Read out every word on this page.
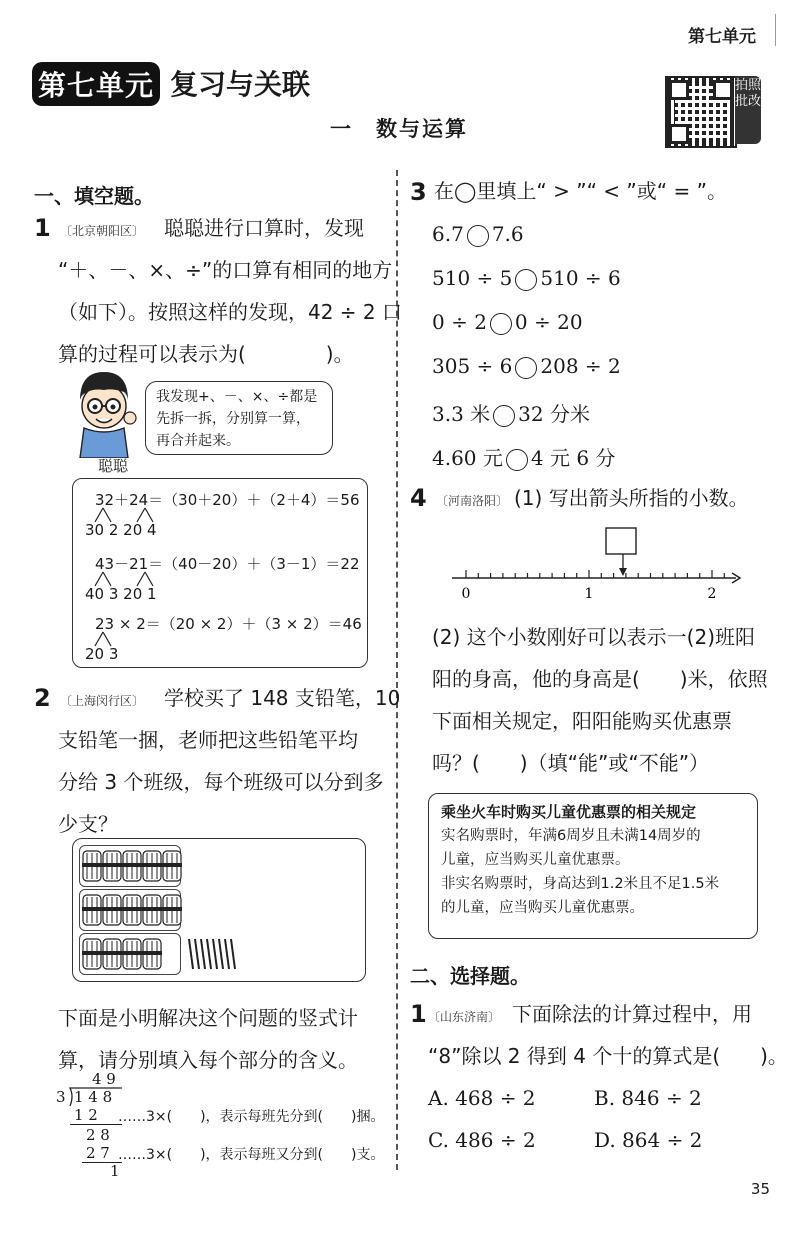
第七单元
第七单元 复习与关联
一　数与运算
拍照批改
一、填空题。
1 〔北京朝阳区〕 聪聪进行口算时，发现
“＋、－、×、÷”的口算有相同的地方
（如下）。按照这样的发现，42 ÷ 2 口
算的过程可以表示为(　　　　)。
聪聪
我发现+、－、×、÷都是先拆一拆，分别算一算，再合并起来。
32＋24＝（30＋20）＋（2＋4）＝56
30 2 20 4
43－21＝（40－20）＋（3－1）＝22
40 3 20 1
23 × 2＝（20 × 2）＋（3 × 2）＝46
20 3
2 〔上海闵行区〕 学校买了 148 支铅笔，10
支铅笔一捆，老师把这些铅笔平均
分给 3 个班级，每个班级可以分到多
少支？
下面是小明解决这个问题的竖式计
算，请分别填入每个部分的含义。
4 9
3 1 4 8
1 2 ……3×(　　)，表示每班先分到(　　)捆。
2 8
2 7 ……3×(　　)，表示每班又分到(　　)支。
1
3 在◯里填上“ > ”“ < ”或“ = ”。
6.7 7.6
510 ÷ 5 510 ÷ 6
0 ÷ 2 0 ÷ 20
305 ÷ 6 208 ÷ 2
3.3 米 32 分米
4.60 元 4 元 6 分
4 〔河南洛阳〕 (1) 写出箭头所指的小数。
0	1	2
(2) 这个小数刚好可以表示一(2)班阳
阳的身高，他的身高是(　　)米，依照
下面相关规定，阳阳能购买优惠票
吗？(　　)（填“能”或“不能”）
乘坐火车时购买儿童优惠票的相关规定
实名购票时，年满6周岁且未满14周岁的
儿童，应当购买儿童优惠票。
非实名购票时，身高达到1.2米且不足1.5米
的儿童，应当购买儿童优惠票。
二、选择题。
1 〔山东济南〕 下面除法的计算过程中，用
“8”除以 2 得到 4 个十的算式是(　　)。
A. 468 ÷ 2	B. 846 ÷ 2
C. 486 ÷ 2	D. 864 ÷ 2
35
